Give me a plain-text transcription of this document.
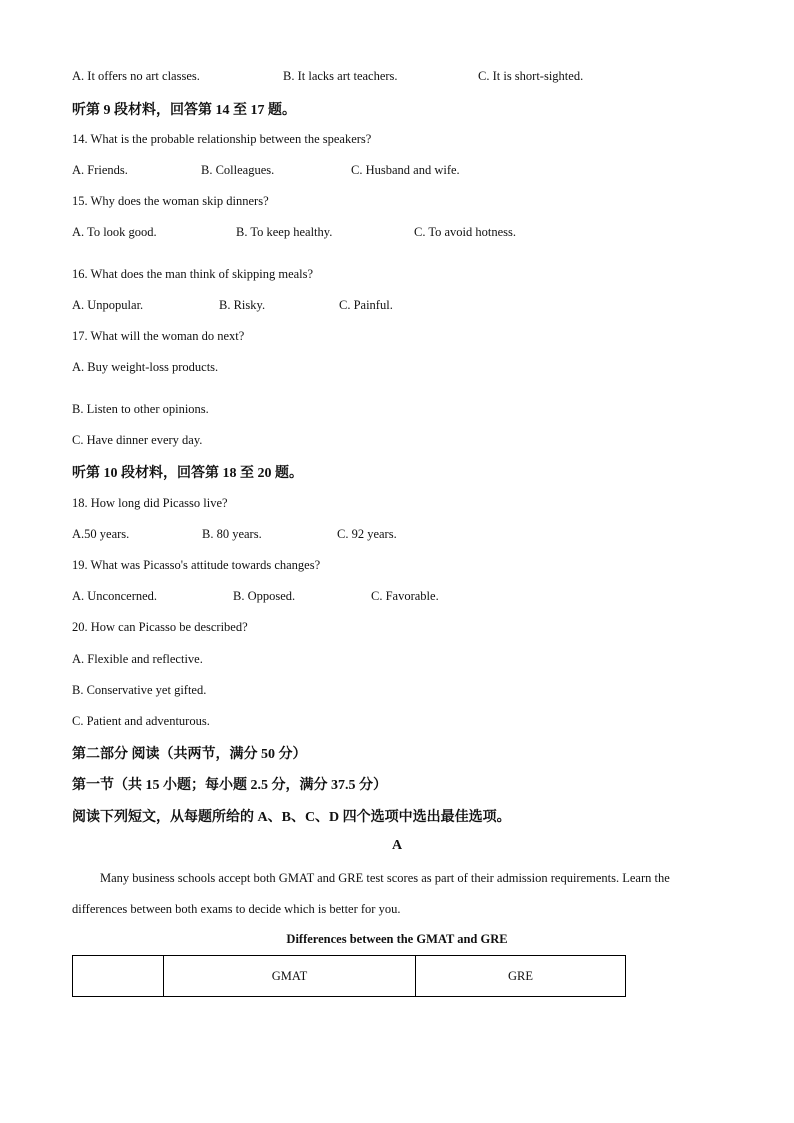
A. It offers no art classes.	B. It lacks art teachers.	C. It is short-sighted.
听第 9 段材料，回答第 14 至 17 题。
14. What is the probable relationship between the speakers?
A. Friends.	B. Colleagues.	C. Husband and wife.
15. Why does the woman skip dinners?
A. To look good.	B. To keep healthy.	C. To avoid hotness.
16. What does the man think of skipping meals?
A. Unpopular.	B. Risky.	C. Painful.
17. What will the woman do next?
A. Buy weight-loss products.
B. Listen to other opinions.
C. Have dinner every day.
听第 10 段材料，回答第 18 至 20 题。
18. How long did Picasso live?
A.50 years.	B. 80 years.	C. 92 years.
19. What was Picasso's attitude towards changes?
A. Unconcerned.	B. Opposed.	C. Favorable.
20. How can Picasso be described?
A. Flexible and reflective.
B. Conservative yet gifted.
C. Patient and adventurous.
第二部分 阅读（共两节，满分 50 分）
第一节（共 15 小题；每小题 2.5 分，满分 37.5 分）
阅读下列短文，从每题所给的 A、B、C、D 四个选项中选出最佳选项。
A
Many business schools accept both GMAT and GRE test scores as part of their admission requirements. Learn the differences between both exams to decide which is better for you.
Differences between the GMAT and GRE
	GMAT	GRE
